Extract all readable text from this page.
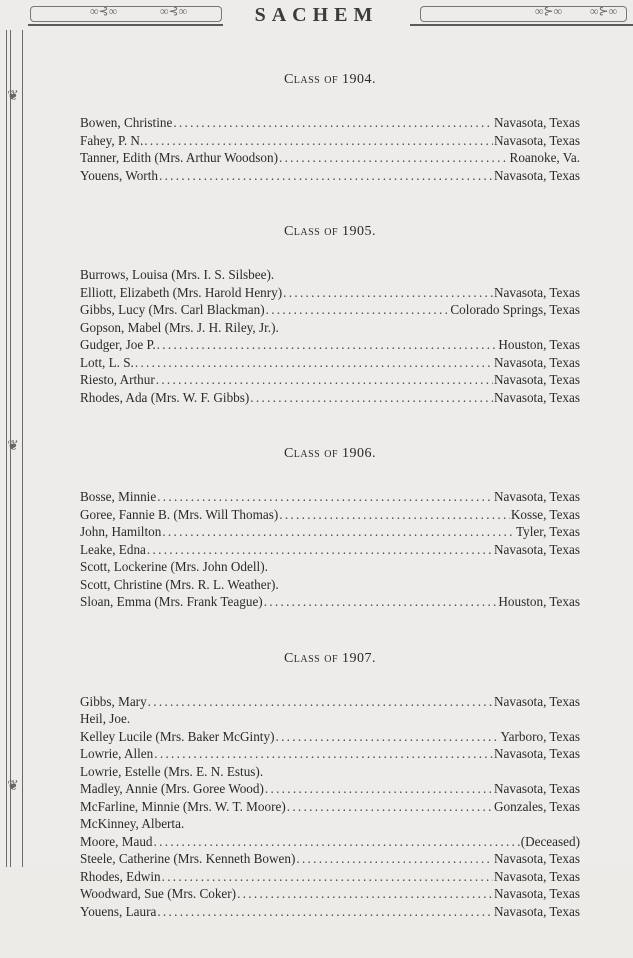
∞⊰∞	∞⊰∞	∞⊱∞ ∞⊱∞
SACHEM
❦
❦
❦
Class of 1904.
Bowen, Christine . . .	Navasota, Texas
Fahey, P. N. . . .	Navasota, Texas
Tanner, Edith (Mrs. Arthur Woodson) . . .	Roanoke, Va.
Youens, Worth . . .	Navasota, Texas
Class of 1905.
Burrows, Louisa (Mrs. I. S. Silsbee).
Elliott, Elizabeth (Mrs. Harold Henry) . . .	Navasota, Texas
Gibbs, Lucy (Mrs. Carl Blackman) . . .	Colorado Springs, Texas
Gopson, Mabel (Mrs. J. H. Riley, Jr.).
Gudger, Joe P. . . .	Houston, Texas
Lott, L. S. . . .	Navasota, Texas
Riesto, Arthur . . .	Navasota, Texas
Rhodes, Ada (Mrs. W. F. Gibbs) . . .	Navasota, Texas
Class of 1906.
Bosse, Minnie . . .	Navasota, Texas
Goree, Fannie B. (Mrs. Will Thomas) . . .	Kosse, Texas
John, Hamilton . . .	Tyler, Texas
Leake, Edna . . .	Navasota, Texas
Scott, Lockerine (Mrs. John Odell).
Scott, Christine (Mrs. R. L. Weather).
Sloan, Emma (Mrs. Frank Teague) . . .	Houston, Texas
Class of 1907.
Gibbs, Mary . . .	Navasota, Texas
Heil, Joe.
Kelley Lucile (Mrs. Baker McGinty) . . .	Yarboro, Texas
Lowrie, Allen . . .	Navasota, Texas
Lowrie, Estelle (Mrs. E. N. Estus).
Madley, Annie (Mrs. Goree Wood) . . .	Navasota, Texas
McFarline, Minnie (Mrs. W. T. Moore) . . .	Gonzales, Texas
McKinney, Alberta.
Moore, Maud . . .	(Deceased)
Steele, Catherine (Mrs. Kenneth Bowen) . . .	Navasota, Texas
Rhodes, Edwin . . .	Navasota, Texas
Woodward, Sue (Mrs. Coker) . . .	Navasota, Texas
Youens, Laura . . .	Navasota, Texas
